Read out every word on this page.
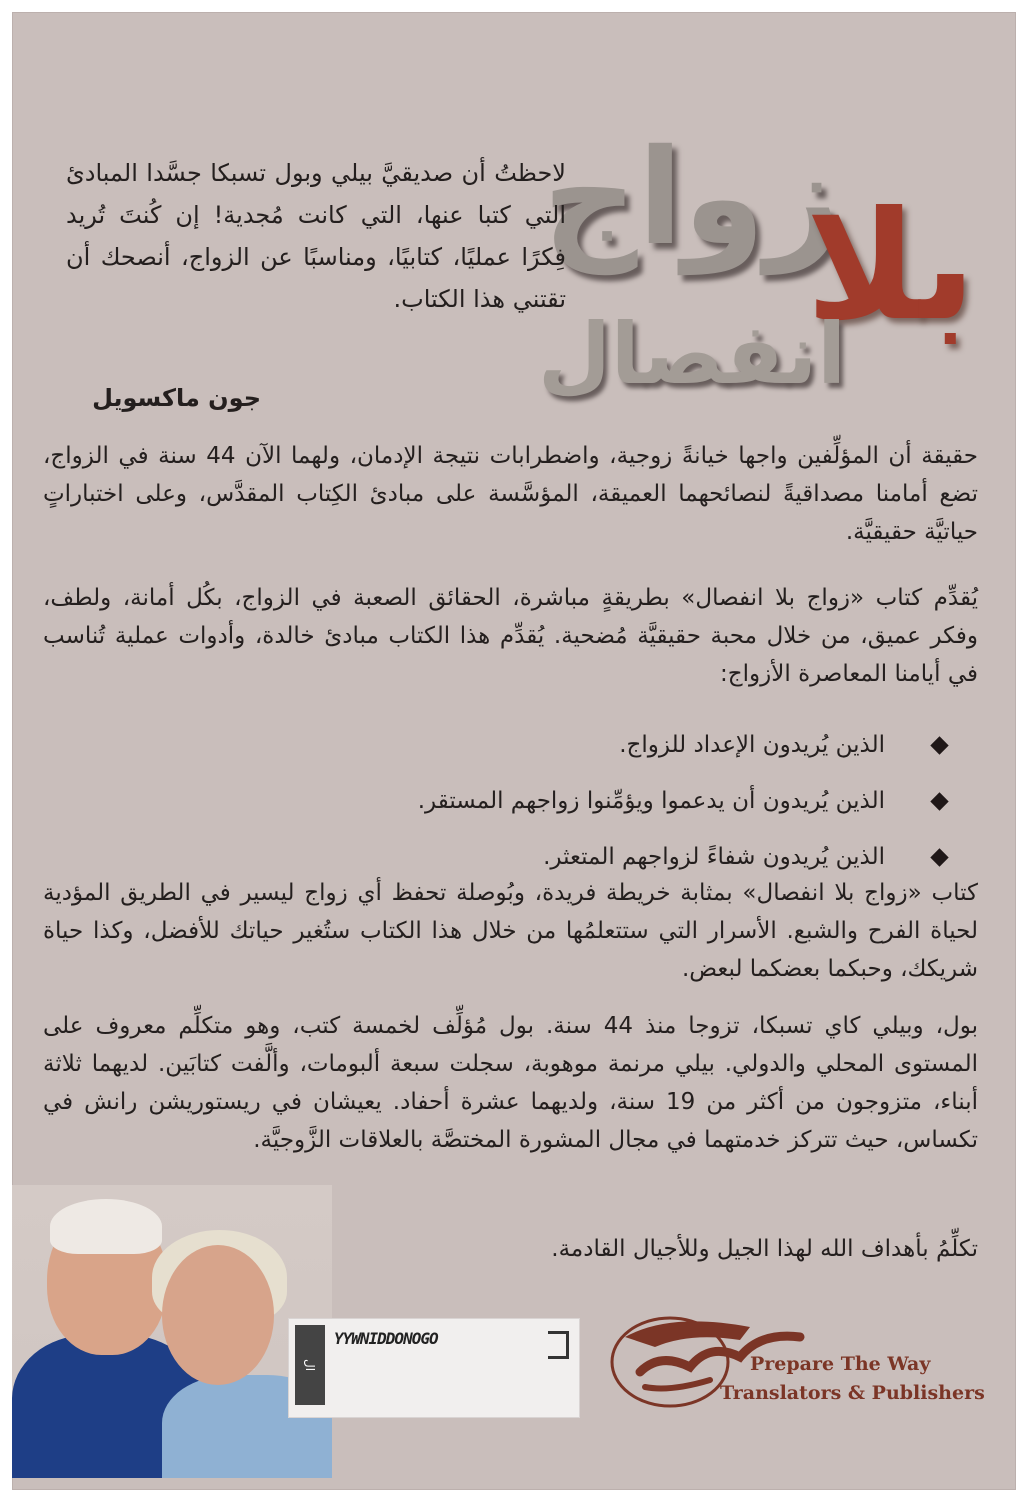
زواج
بلا
انفصال

لاحظتُ أن صديقيَّ بيلي وبول تسبكا جسَّدا المبادئ التي كتبا عنها، التي كانت مُجدية! إن كُنتَ تُريد فِكرًا عمليًا، كتابيًا، ومناسبًا عن الزواج، أنصحك أن تقتني هذا الكتاب.

جون ماكسويل

حقيقة أن المؤلِّفين واجها خيانةً زوجية، واضطرابات نتيجة الإدمان، ولهما الآن 44 سنة في الزواج، تضع أمامنا مصداقيةً لنصائحهما العميقة، المؤسَّسة على مبادئ الكِتاب المقدَّس، وعلى اختباراتٍ حياتيَّة حقيقيَّة.

يُقدِّم كتاب «زواج بلا انفصال» بطريقةٍ مباشرة، الحقائق الصعبة في الزواج، بكُل أمانة، ولطف، وفكر عميق، من خلال محبة حقيقيَّة مُضحية. يُقدِّم هذا الكتاب مبادئ خالدة، وأدوات عملية تُناسب في أيامنا المعاصرة الأزواج:

الذين يُريدون الإعداد للزواج.
الذين يُريدون أن يدعموا ويؤمِّنوا زواجهم المستقر.
الذين يُريدون شفاءً لزواجهم المتعثر.

كتاب «زواج بلا انفصال» بمثابة خريطة فريدة، وبُوصلة تحفظ أي زواج ليسير في الطريق المؤدية لحياة الفرح والشبع. الأسرار التي ستتعلمُها من خلال هذا الكتاب ستُغير حياتك للأفضل، وكذا حياة شريكك، وحبكما بعضكما لبعض.

بول، وبيلي كاي تسبكا، تزوجا منذ 44 سنة. بول مُؤلِّف لخمسة كتب، وهو متكلِّم معروف على المستوى المحلي والدولي. بيلي مرنمة موهوبة، سجلت سبعة ألبومات، وألَّفت كتابَين. لديهما ثلاثة أبناء، متزوجون من أكثر من 19 سنة، ولديهما عشرة أحفاد. يعيشان في ريستوريشن رانش في تكساس، حيث تتركز خدمتهما في مجال المشورة المختصَّة بالعلاقات الزَّوجيَّة.

تكلِّمُ بأهداف الله لهذا الجيل وللأجيال القادمة.

ال
YYWNIDDONOGO
Prepare The Way
Translators & Publishers
